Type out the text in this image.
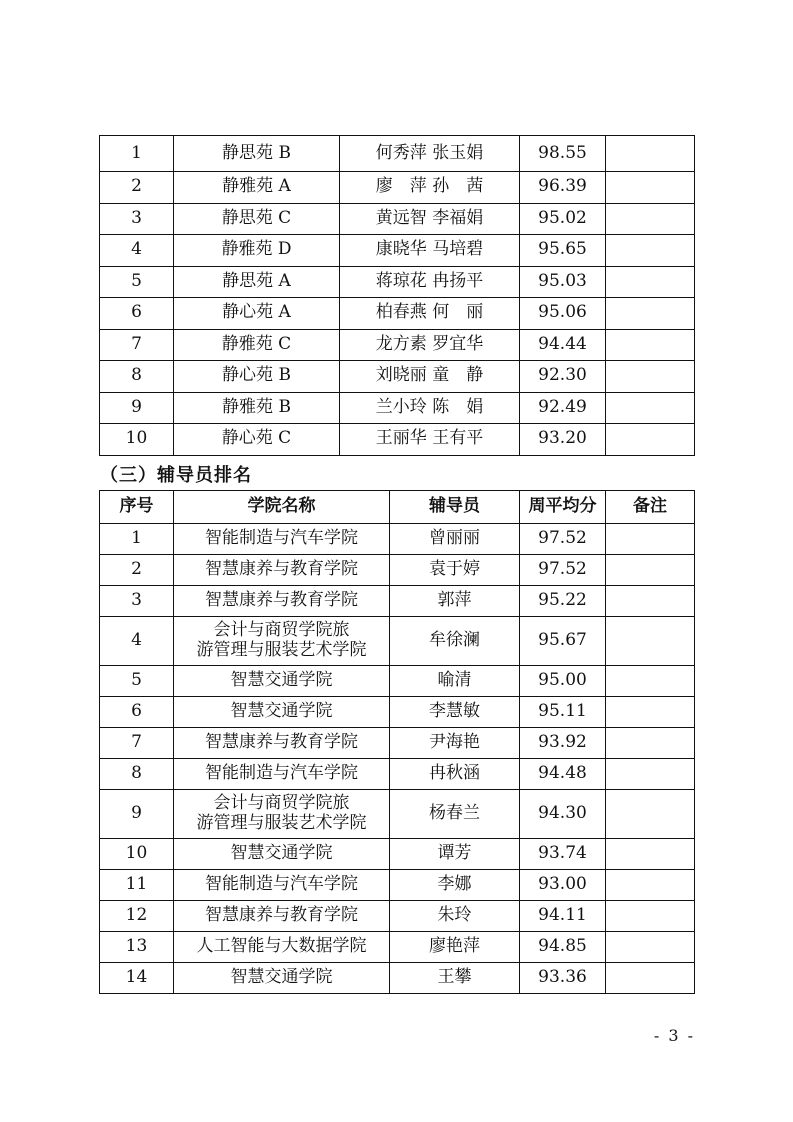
1	静思苑 B	何秀萍 张玉娟	98.55	
2	静雅苑 A	廖　萍 孙　茜	96.39	
3	静思苑 C	黄远智 李福娟	95.02	
4	静雅苑 D	康晓华 马培碧	95.65	
5	静思苑 A	蒋琼花 冉扬平	95.03	
6	静心苑 A	柏春燕 何　丽	95.06	
7	静雅苑 C	龙方素 罗宜华	94.44	
8	静心苑 B	刘晓丽 童　静	92.30	
9	静雅苑 B	兰小玲 陈　娟	92.49	
10	静心苑 C	王丽华 王有平	93.20	
（三）辅导员排名
序号	学院名称	辅导员	周平均分	备注
1	智能制造与汽车学院	曾丽丽	97.52	
2	智慧康养与教育学院	袁于婷	97.52	
3	智慧康养与教育学院	郭萍	95.22	
4	会计与商贸学院旅
游管理与服装艺术学院	牟徐澜	95.67	
5	智慧交通学院	喻清	95.00	
6	智慧交通学院	李慧敏	95.11	
7	智慧康养与教育学院	尹海艳	93.92	
8	智能制造与汽车学院	冉秋涵	94.48	
9	会计与商贸学院旅
游管理与服装艺术学院	杨春兰	94.30	
10	智慧交通学院	谭芳	93.74	
11	智能制造与汽车学院	李娜	93.00	
12	智慧康养与教育学院	朱玲	94.11	
13	人工智能与大数据学院	廖艳萍	94.85	
14	智慧交通学院	王攀	93.36	
- 3 -
